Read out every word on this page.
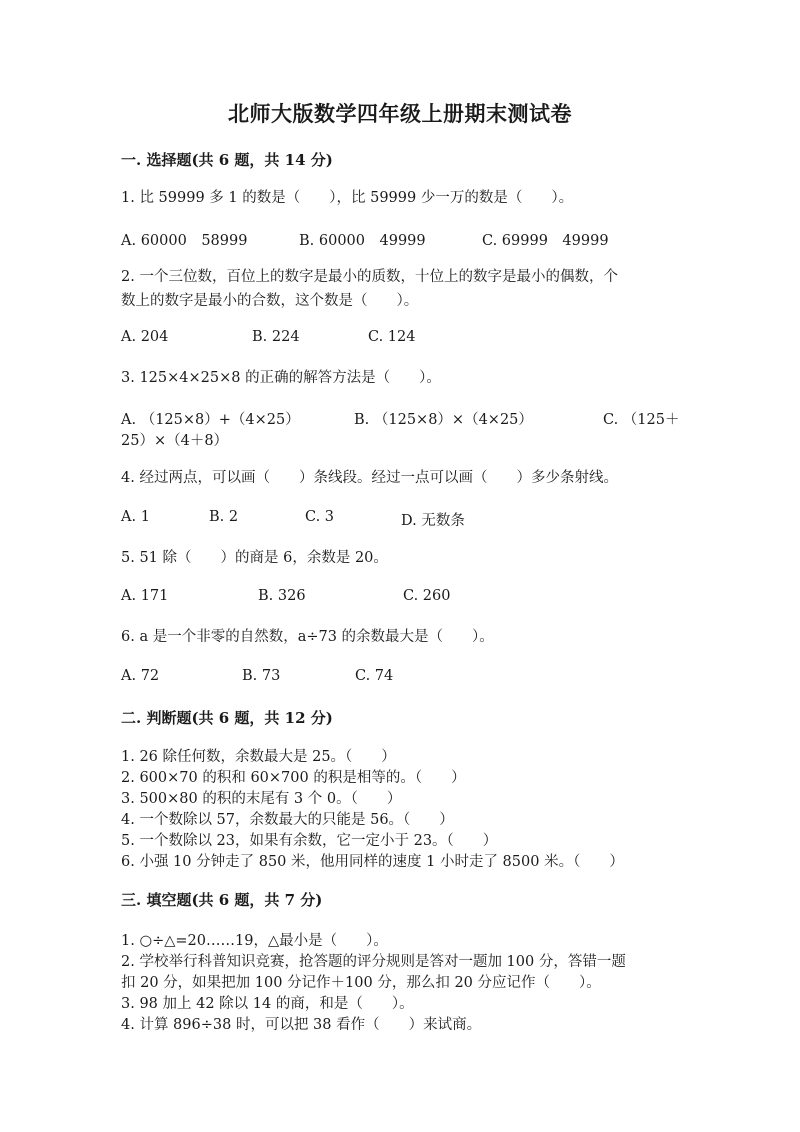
北师大版数学四年级上册期末测试卷
一. 选择题(共 6 题，共 14 分)
1. 比 59999 多 1 的数是（　　），比 59999 少一万的数是（　　）。
A. 60000　58999	B. 60000　49999	C. 69999　49999
2. 一个三位数，百位上的数字是最小的质数，十位上的数字是最小的偶数，个
数上的数字是最小的合数，这个数是（　　）。
A. 204	B. 224	C. 124
3. 125×4×25×8 的正确的解答方法是（　　）。
A. （125×8）+（4×25）	B. （125×8）×（4×25）	C. （125＋
25）×（4＋8）
4. 经过两点，可以画（　　）条线段。经过一点可以画（　　）多少条射线。
A. 1	B. 2	C. 3	D. 无数条
5. 51 除（　　）的商是 6，余数是 20。
A. 171	B. 326	C. 260
6. a 是一个非零的自然数，a÷73 的余数最大是（　　）。
A. 72	B. 73	C. 74
二. 判断题(共 6 题，共 12 分)
1. 26 除任何数，余数最大是 25。（　　）
2. 600×70 的积和 60×700 的积是相等的。（　　）
3. 500×80 的积的末尾有 3 个 0。（　　）
4. 一个数除以 57，余数最大的只能是 56。（　　）
5. 一个数除以 23，如果有余数，它一定小于 23。（　　）
6. 小强 10 分钟走了 850 米，他用同样的速度 1 小时走了 8500 米。（　　）
三. 填空题(共 6 题，共 7 分)
1. ○÷△=20……19，△最小是（　　）。
2. 学校举行科普知识竞赛，抢答题的评分规则是答对一题加 100 分，答错一题
扣 20 分，如果把加 100 分记作＋100 分，那么扣 20 分应记作（　　）。
3. 98 加上 42 除以 14 的商，和是（　　）。
4. 计算 896÷38 时，可以把 38 看作（　　）来试商。
